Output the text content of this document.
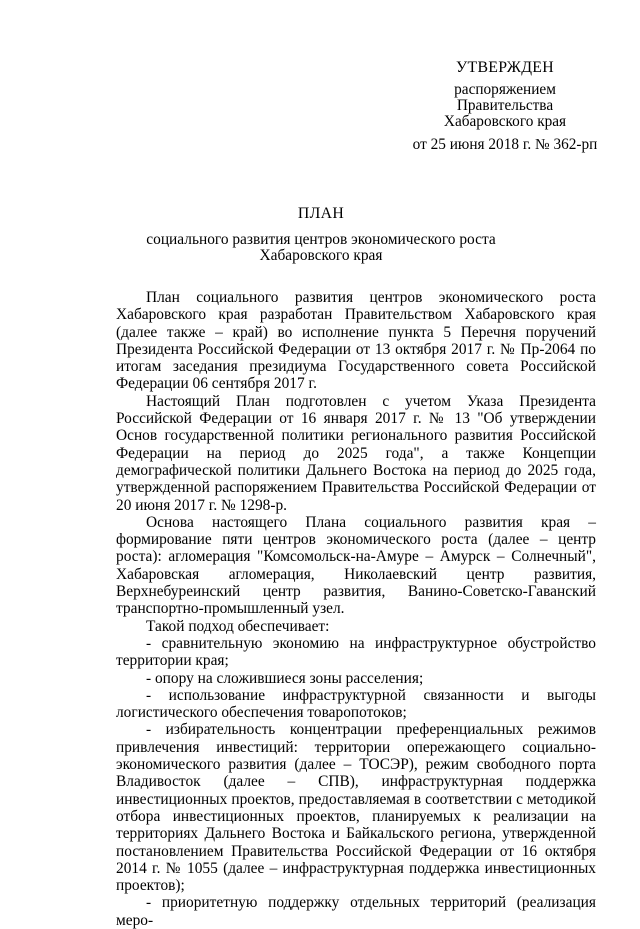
УТВЕРЖДЕН
распоряжением
Правительства
Хабаровского края
от 25 июня 2018 г. № 362-рп
ПЛАН
социального развития центров экономического роста
Хабаровского края

План социального развития центров экономического роста Хабаровского края разработан Правительством Хабаровского края (далее также – край) во исполнение пункта 5 Перечня поручений Президента Российской Федерации от 13 октября 2017 г. № Пр-2064 по итогам заседания президиума Государственного совета Российской Федерации 06 сентября 2017 г.

Настоящий План подготовлен с учетом Указа Президента Российской Федерации от 16 января 2017 г. № 13 "Об утверждении Основ государственной политики регионального развития Российской Федерации на период до 2025 года", а также Концепции демографической политики Дальнего Востока на период до 2025 года, утвержденной распоряжением Правительства Российской Федерации от 20 июня 2017 г. № 1298-р.

Основа настоящего Плана социального развития края – формирование пяти центров экономического роста (далее – центр роста): агломерация "Комсомольск-на-Амуре – Амурск – Солнечный", Хабаровская агломерация, Николаевский центр развития, Верхнебуреинский центр развития, Ванино-Советско-Гаванский транспортно-промышленный узел.

Такой подход обеспечивает:

- сравнительную экономию на инфраструктурное обустройство территории края;

- опору на сложившиеся зоны расселения;

- использование инфраструктурной связанности и выгоды логистического обеспечения товаропотоков;

- избирательность концентрации преференциальных режимов привлечения инвестиций: территории опережающего социально-экономического развития (далее – ТОСЭР), режим свободного порта Владивосток (далее – СПВ), инфраструктурная поддержка инвестиционных проектов, предоставляемая в соответствии с методикой отбора инвестиционных проектов, планируемых к реализации на территориях Дальнего Востока и Байкальского региона, утвержденной постановлением Правительства Российской Федерации от 16 октября 2014 г. № 1055 (далее – инфраструктурная поддержка инвестиционных проектов);

- приоритетную поддержку отдельных территорий (реализация меро-
